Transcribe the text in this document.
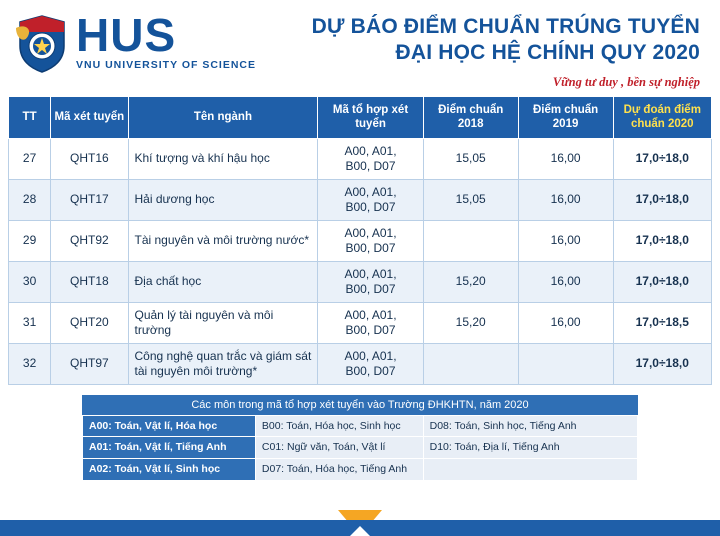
HUS
VNU UNIVERSITY OF SCIENCE
DỰ BÁO ĐIỂM CHUẨN TRÚNG TUYỂN
ĐẠI HỌC HỆ CHÍNH QUY 2020
Vững tư duy , bền sự nghiệp
TT	Mã xét tuyển	Tên ngành	Mã tổ hợp xét tuyển	Điểm chuẩn 2018	Điểm chuẩn 2019	Dự đoán điểm chuẩn 2020
27	QHT16	Khí tượng và khí hậu học	A00, A01,
B00, D07	15,05	16,00	17,0÷18,0
28	QHT17	Hải dương học	A00, A01,
B00, D07	15,05	16,00	17,0÷18,0
29	QHT92	Tài nguyên và môi trường nước*	A00, A01,
B00, D07		16,00	17,0÷18,0
30	QHT18	Địa chất học	A00, A01,
B00, D07	15,20	16,00	17,0÷18,0
31	QHT20	Quản lý tài nguyên và môi trường	A00, A01,
B00, D07	15,20	16,00	17,0÷18,5
32	QHT97	Công nghệ quan trắc và giám sát tài nguyên môi trường*	A00, A01,
B00, D07			17,0÷18,0
Các môn trong mã tổ hợp xét tuyển vào Trường ĐHKHTN, năm 2020
A00: Toán, Vật lí, Hóa học	B00: Toán, Hóa học, Sinh học	D08: Toán, Sinh học, Tiếng Anh
A01: Toán, Vật lí, Tiếng Anh	C01: Ngữ văn, Toán, Vật lí	D10: Toán, Địa lí, Tiếng Anh
A02: Toán, Vật lí, Sinh học	D07: Toán, Hóa học, Tiếng Anh	
